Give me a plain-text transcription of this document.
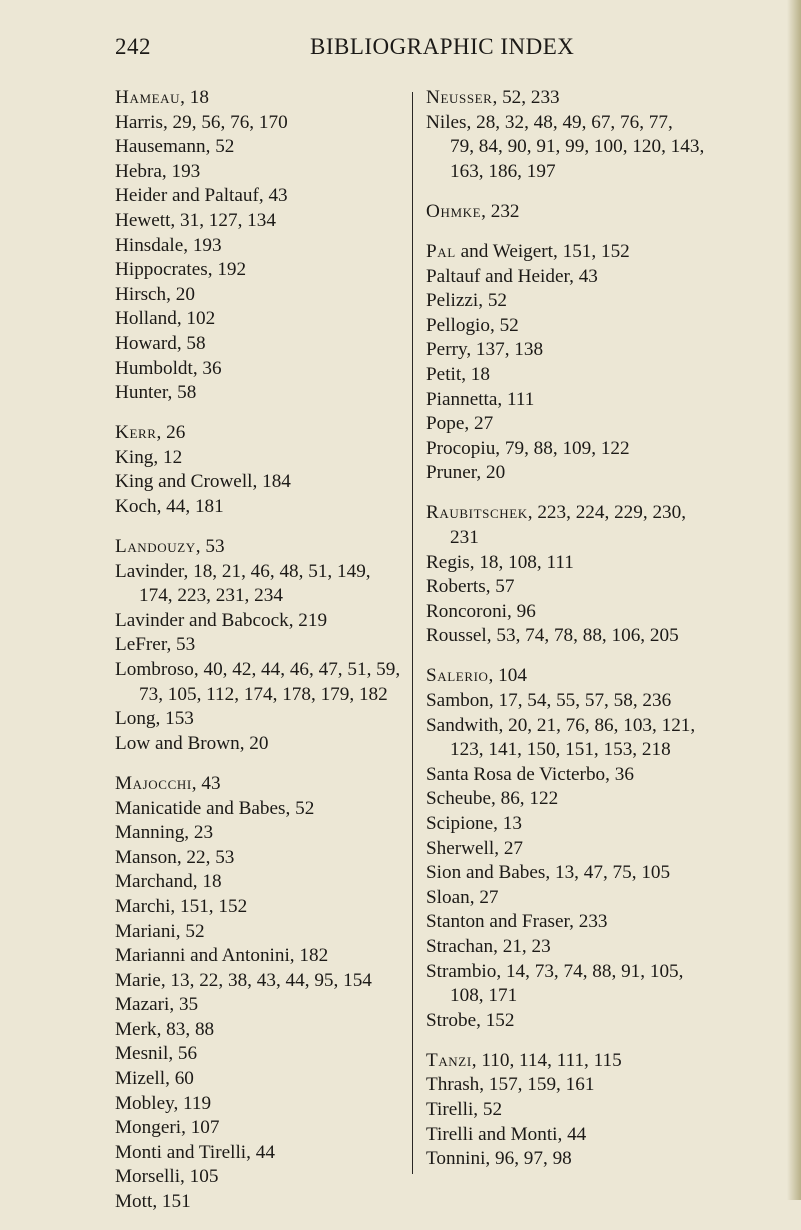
242	BIBLIOGRAPHIC INDEX
Hameau, 18
Harris, 29, 56, 76, 170
Hausemann, 52
Hebra, 193
Heider and Paltauf, 43
Hewett, 31, 127, 134
Hinsdale, 193
Hippocrates, 192
Hirsch, 20
Holland, 102
Howard, 58
Humboldt, 36
Hunter, 58
Kerr, 26
King, 12
King and Crowell, 184
Koch, 44, 181
Landouzy, 53
Lavinder, 18, 21, 46, 48, 51, 149,
174, 223, 231, 234
Lavinder and Babcock, 219
LeFrer, 53
Lombroso, 40, 42, 44, 46, 47, 51, 59,
73, 105, 112, 174, 178, 179, 182
Long, 153
Low and Brown, 20
Majocchi, 43
Manicatide and Babes, 52
Manning, 23
Manson, 22, 53
Marchand, 18
Marchi, 151, 152
Mariani, 52
Marianni and Antonini, 182
Marie, 13, 22, 38, 43, 44, 95, 154
Mazari, 35
Merk, 83, 88
Mesnil, 56
Mizell, 60
Mobley, 119
Mongeri, 107
Monti and Tirelli, 44
Morselli, 105
Mott, 151
Neusser, 52, 233
Niles, 28, 32, 48, 49, 67, 76, 77,
79, 84, 90, 91, 99, 100, 120, 143,
163, 186, 197
Ohmke, 232
Pal and Weigert, 151, 152
Paltauf and Heider, 43
Pelizzi, 52
Pellogio, 52
Perry, 137, 138
Petit, 18
Piannetta, 111
Pope, 27
Procopiu, 79, 88, 109, 122
Pruner, 20
Raubitschek, 223, 224, 229, 230,
231
Regis, 18, 108, 111
Roberts, 57
Roncoroni, 96
Roussel, 53, 74, 78, 88, 106, 205
Salerio, 104
Sambon, 17, 54, 55, 57, 58, 236
Sandwith, 20, 21, 76, 86, 103, 121,
123, 141, 150, 151, 153, 218
Santa Rosa de Victerbo, 36
Scheube, 86, 122
Scipione, 13
Sherwell, 27
Sion and Babes, 13, 47, 75, 105
Sloan, 27
Stanton and Fraser, 233
Strachan, 21, 23
Strambio, 14, 73, 74, 88, 91, 105,
108, 171
Strobe, 152
Tanzi, 110, 114, 111, 115
Thrash, 157, 159, 161
Tirelli, 52
Tirelli and Monti, 44
Tonnini, 96, 97, 98
